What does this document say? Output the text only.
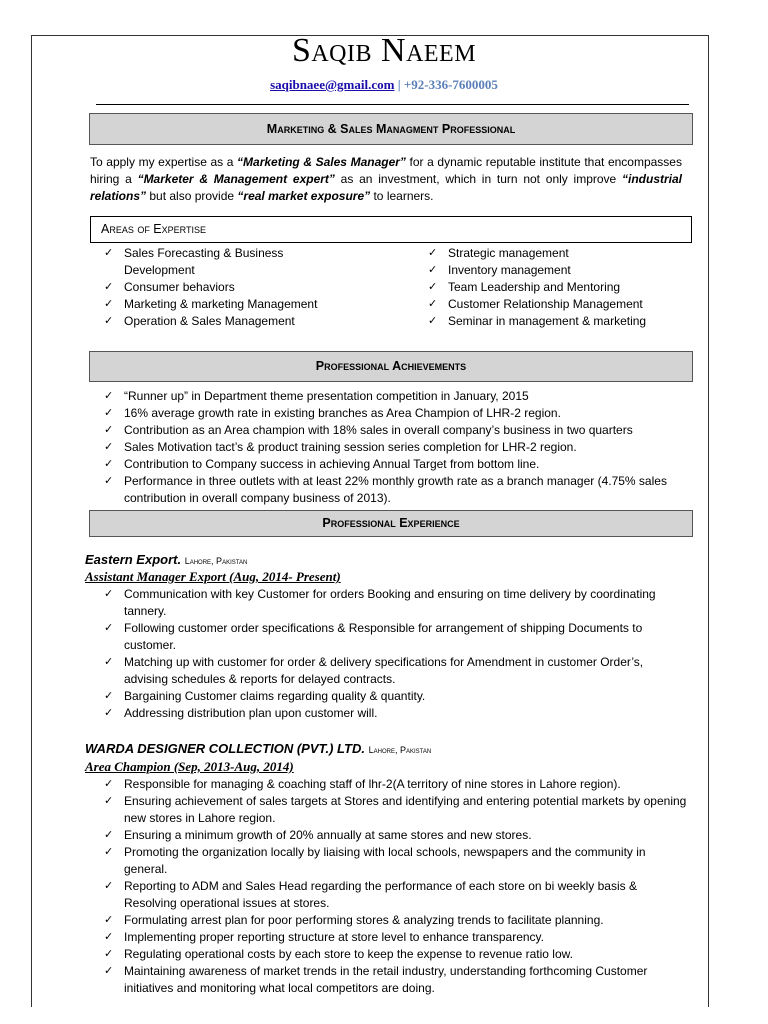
Saqib Naeem
saqibnaee@gmail.com | +92-336-7600005
Marketing & Sales Managment Professional
To apply my expertise as a “Marketing & Sales Manager” for a dynamic reputable institute that encompasses hiring a “Marketer & Management expert” as an investment, which in turn not only improve “industrial relations” but also provide “real market exposure” to learners.
Areas of Expertise
✓ Sales Forecasting & Business Development
✓ Consumer behaviors
✓ Marketing & marketing Management
✓ Operation & Sales Management
✓ Strategic management
✓ Inventory management
✓ Team Leadership and Mentoring
✓ Customer Relationship Management
✓ Seminar in management & marketing
Professional Achievements
✓ “Runner up” in Department theme presentation competition in January, 2015
✓ 16% average growth rate in existing branches as Area Champion of LHR-2 region.
✓ Contribution as an Area champion with 18% sales in overall company’s business in two quarters
✓ Sales Motivation tact’s & product training session series completion for LHR-2 region.
✓ Contribution to Company success in achieving Annual Target from bottom line.
✓ Performance in three outlets with at least 22% monthly growth rate as a branch manager (4.75% sales contribution in overall company business of 2013).
Professional Experience
Eastern Export. Lahore, Pakistan
Assistant Manager Export (Aug, 2014- Present)
✓ Communication with key Customer for orders Booking and ensuring on time delivery by coordinating tannery.
✓ Following customer order specifications & Responsible for arrangement of shipping Documents to customer.
✓ Matching up with customer for order & delivery specifications for Amendment in customer Order’s, advising schedules & reports for delayed contracts.
✓ Bargaining Customer claims regarding quality & quantity.
✓ Addressing distribution plan upon customer will.
WARDA DESIGNER COLLECTION (PVT.) LTD. Lahore, Pakistan
Area Champion (Sep, 2013-Aug, 2014)
✓ Responsible for managing & coaching staff of lhr-2(A territory of nine stores in Lahore region).
✓ Ensuring achievement of sales targets at Stores and identifying and entering potential markets by opening new stores in Lahore region.
✓ Ensuring a minimum growth of 20% annually at same stores and new stores.
✓ Promoting the organization locally by liaising with local schools, newspapers and the community in general.
✓ Reporting to ADM and Sales Head regarding the performance of each store on bi weekly basis & Resolving operational issues at stores.
✓ Formulating arrest plan for poor performing stores & analyzing trends to facilitate planning.
✓ Implementing proper reporting structure at store level to enhance transparency.
✓ Regulating operational costs by each store to keep the expense to revenue ratio low.
✓ Maintaining awareness of market trends in the retail industry, understanding forthcoming Customer initiatives and monitoring what local competitors are doing.
